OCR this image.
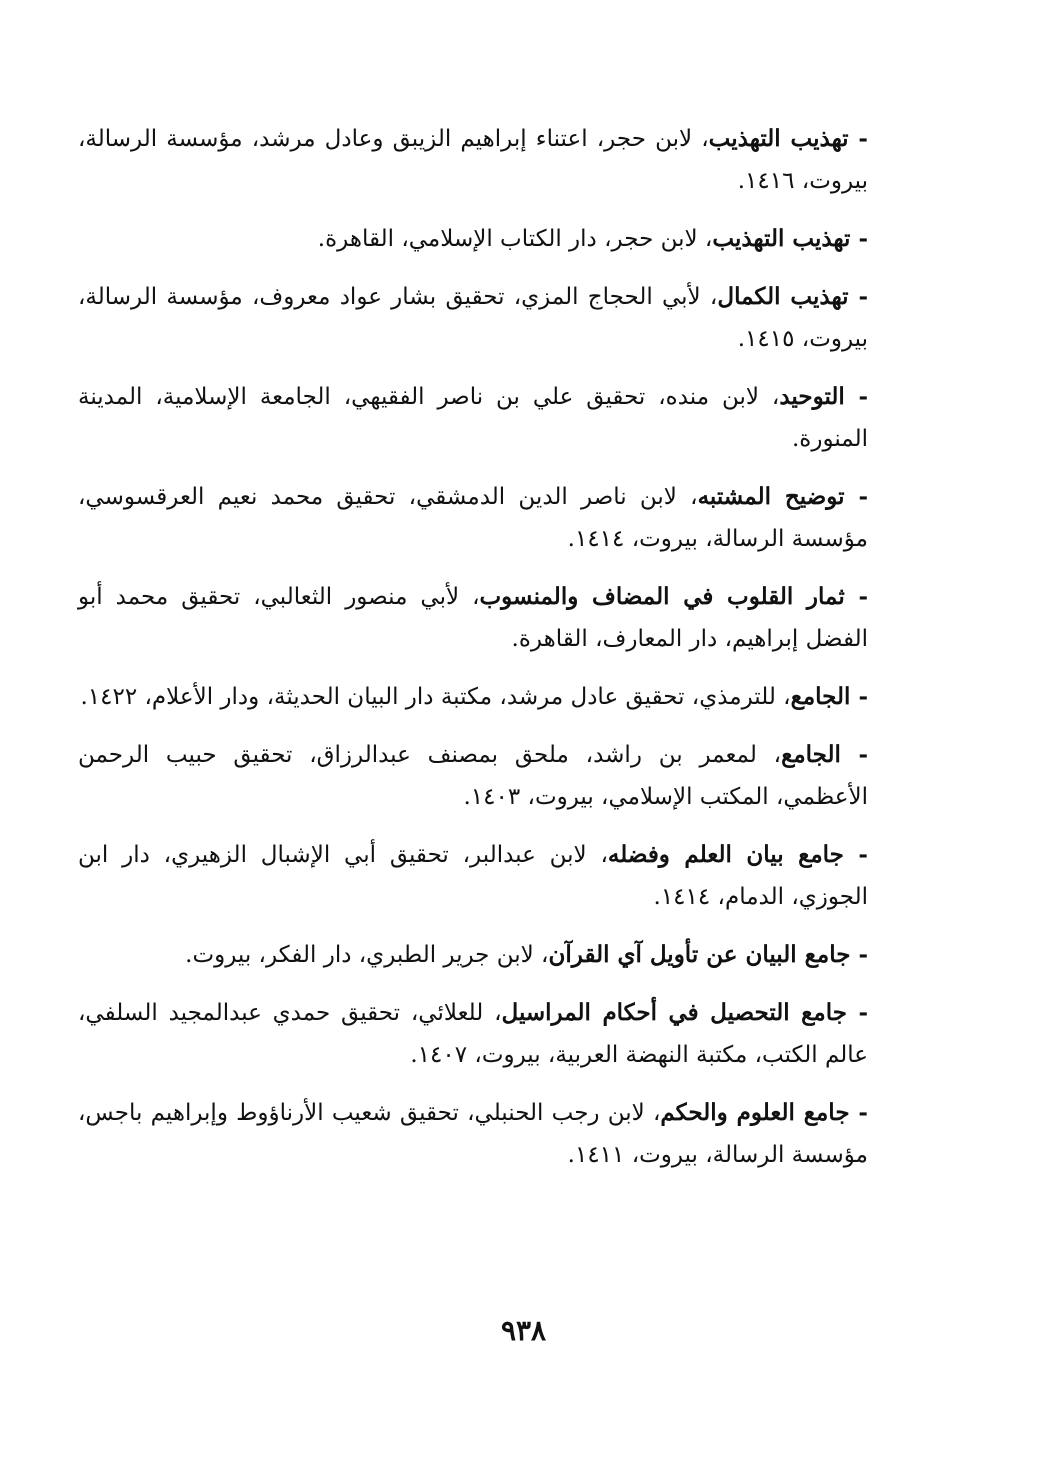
- تهذيب التهذيب، لابن حجر، اعتناء إبراهيم الزيبق وعادل مرشد، مؤسسة الرسالة، بيروت، ١٤١٦.

- تهذيب التهذيب، لابن حجر، دار الكتاب الإسلامي، القاهرة.

- تهذيب الكمال، لأبي الحجاج المزي، تحقيق بشار عواد معروف، مؤسسة الرسالة، بيروت، ١٤١٥.

- التوحيد، لابن منده، تحقيق علي بن ناصر الفقيهي، الجامعة الإسلامية، المدينة المنورة.

- توضيح المشتبه، لابن ناصر الدين الدمشقي، تحقيق محمد نعيم العرقسوسي، مؤسسة الرسالة، بيروت، ١٤١٤.

- ثمار القلوب في المضاف والمنسوب، لأبي منصور الثعالبي، تحقيق محمد أبو الفضل إبراهيم، دار المعارف، القاهرة.

- الجامع، للترمذي، تحقيق عادل مرشد، مكتبة دار البيان الحديثة، ودار الأعلام، ١٤٢٢.

- الجامع، لمعمر بن راشد، ملحق بمصنف عبدالرزاق، تحقيق حبيب الرحمن الأعظمي، المكتب الإسلامي، بيروت، ١٤٠٣.

- جامع بيان العلم وفضله، لابن عبدالبر، تحقيق أبي الإشبال الزهيري، دار ابن الجوزي، الدمام، ١٤١٤.

- جامع البيان عن تأويل آي القرآن، لابن جرير الطبري، دار الفكر، بيروت.

- جامع التحصيل في أحكام المراسيل، للعلائي، تحقيق حمدي عبدالمجيد السلفي، عالم الكتب، مكتبة النهضة العربية، بيروت، ١٤٠٧.

- جامع العلوم والحكم، لابن رجب الحنبلي، تحقيق شعيب الأرناؤوط وإبراهيم باجس، مؤسسة الرسالة، بيروت، ١٤١١.

٩٣٨
